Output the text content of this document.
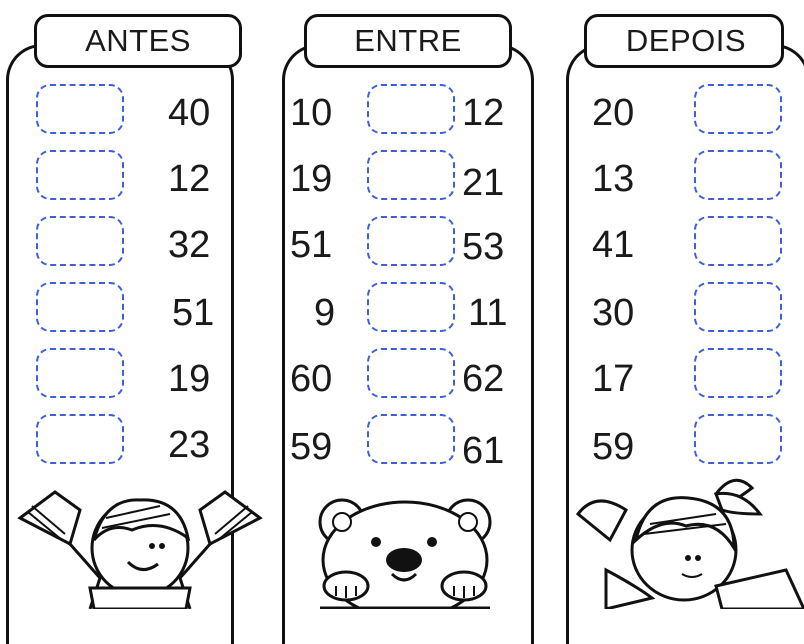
ANTES	ENTRE	DEPOIS
40
12
32
51
19
23
10	12
19	21
51	53
9	11
60	62
59	61
20
13
41
30
17
59
